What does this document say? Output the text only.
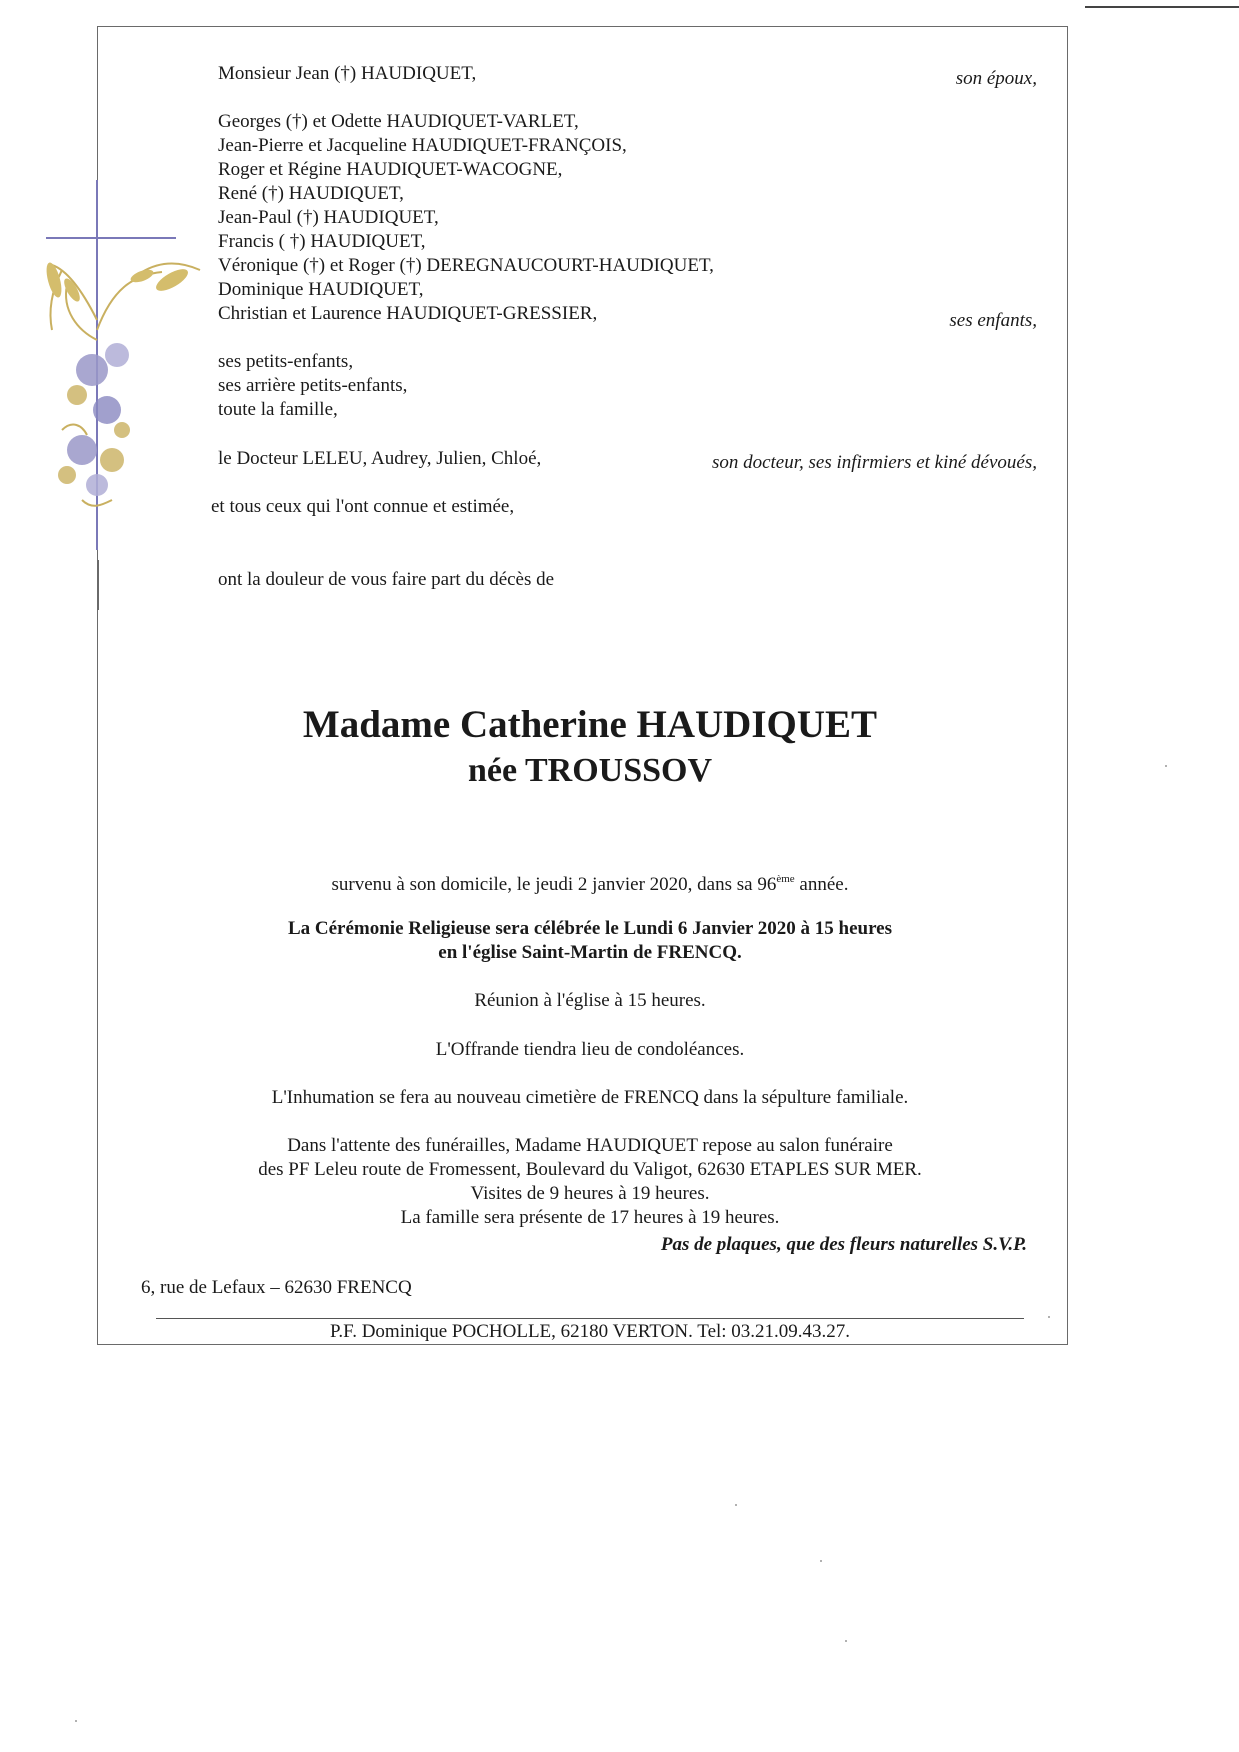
Monsieur Jean (†) HAUDIQUET,	son époux,
Georges (†) et Odette HAUDIQUET-VARLET,
Jean-Pierre et Jacqueline HAUDIQUET-FRANÇOIS,
Roger et Régine HAUDIQUET-WACOGNE,
René (†) HAUDIQUET,
Jean-Paul (†) HAUDIQUET,
Francis ( †) HAUDIQUET,
Véronique (†) et Roger (†) DEREGNAUCOURT-HAUDIQUET,
Dominique HAUDIQUET,
Christian et Laurence HAUDIQUET-GRESSIER,	ses enfants,
ses petits-enfants,
ses arrière petits-enfants,
toute la famille,
le Docteur LELEU, Audrey, Julien, Chloé,	son docteur, ses infirmiers et kiné dévoués,
et tous ceux qui l'ont connue et estimée,
ont la douleur de vous faire part du décès de
Madame Catherine HAUDIQUET
née TROUSSOV
survenu à son domicile, le jeudi 2 janvier 2020, dans sa 96ème année.
La Cérémonie Religieuse sera célébrée le Lundi 6 Janvier 2020 à 15 heures
en l'église Saint-Martin de FRENCQ.
Réunion à l'église à 15 heures.
L'Offrande tiendra lieu de condoléances.
L'Inhumation se fera au nouveau cimetière de FRENCQ dans la sépulture familiale.
Dans l'attente des funérailles, Madame HAUDIQUET repose au salon funéraire
des PF Leleu route de Fromessent, Boulevard du Valigot, 62630 ETAPLES SUR MER.
Visites de 9 heures à 19 heures.
La famille sera présente de 17 heures à 19 heures.
Pas de plaques, que des fleurs naturelles S.V.P.
6, rue de Lefaux – 62630 FRENCQ
P.F. Dominique POCHOLLE, 62180 VERTON. Tel: 03.21.09.43.27.
